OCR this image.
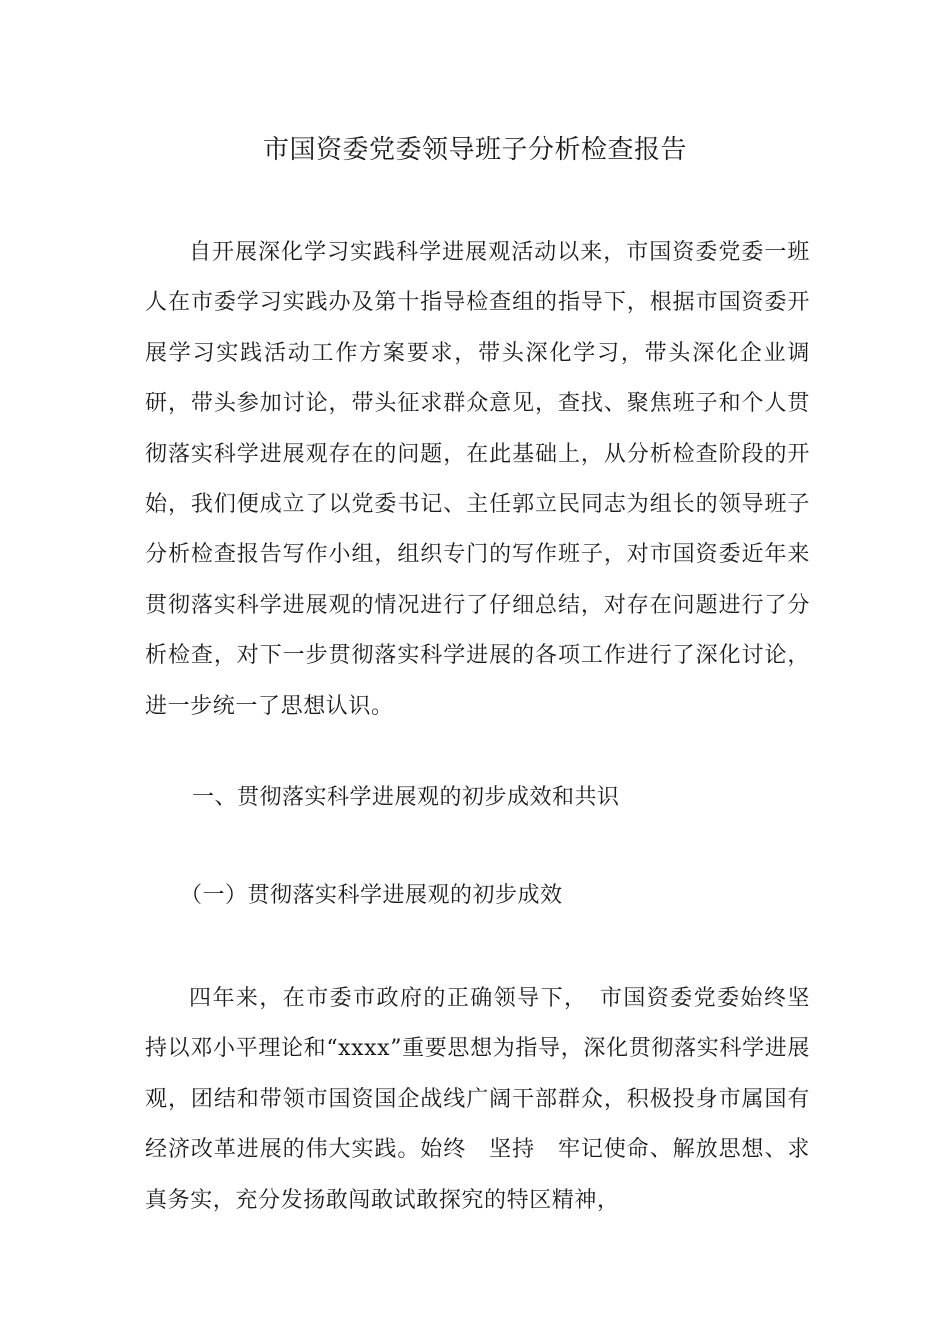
市国资委党委领导班子分析检查报告

自开展深化学习实践科学进展观活动以来，市国资委党委一班人在市委学习实践办及第十指导检查组的指导下，根据市国资委开展学习实践活动工作方案要求，带头深化学习，带头深化企业调研，带头参加讨论，带头征求群众意见，查找、聚焦班子和个人贯彻落实科学进展观存在的问题，在此基础上，从分析检查阶段的开始，我们便成立了以党委书记、主任郭立民同志为组长的领导班子分析检查报告写作小组，组织专门的写作班子，对市国资委近年来贯彻落实科学进展观的情况进行了仔细总结，对存在问题进行了分析检查，对下一步贯彻落实科学进展的各项工作进行了深化讨论，进一步统一了思想认识。

一、贯彻落实科学进展观的初步成效和共识
（一）贯彻落实科学进展观的初步成效

四年来，在市委市政府的正确领导下，　市国资委党委始终坚持以邓小平理论和“xxxx”重要思想为指导，深化贯彻落实科学进展观，团结和带领市国资国企战线广阔干部群众，积极投身市属国有经济改革进展的伟大实践。始终　坚持　牢记使命、解放思想、求真务实，充分发扬敢闯敢试敢探究的特区精神，
